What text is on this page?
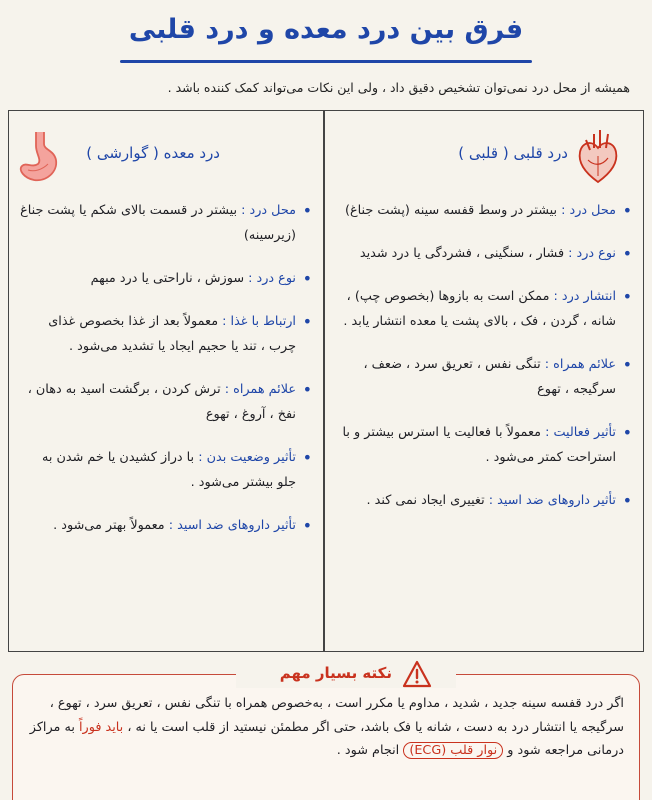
فرق بین درد معده و درد قلبی
همیشه از محل درد نمی‌توان تشخیص دقیق داد ، ولی این نکات می‌تواند کمک کننده باشد .
درد قلبی ( قلبی )
• محل درد : بیشتر در وسط قفسه سینه (پشت جناغ)
• نوع درد : فشار ، سنگینی ، فشردگی یا درد شدید
• انتشار درد : ممکن است به بازوها (بخصوص چپ) ، شانه ، گردن ، فک ، بالای پشت یا معده انتشار یابد .
• علائم همراه : تنگی نفس ، تعریق سرد ، ضعف ، سرگیجه ، تهوع
• تأثیر فعالیت : معمولاً با فعالیت یا استرس بیشتر و با استراحت کمتر می‌شود .
• تأثیر داروهای ضد اسید : تغییری ایجاد نمی کند .
درد معده ( گوارشی )
• محل درد : بیشتر در قسمت بالای شکم یا پشت جناغ (زیرسینه)
• نوع درد : سوزش ، ناراحتی یا درد مبهم
• ارتباط با غذا : معمولاً بعد از غذا بخصوص غذای چرب ، تند یا حجیم ایجاد یا تشدید می‌شود .
• علائم همراه : ترش کردن ، برگشت اسید به دهان ، نفخ ، آروغ ، تهوع
• تأثیر وضعیت بدن : با دراز کشیدن یا خم شدن به جلو بیشتر می‌شود .
• تأثیر داروهای ضد اسید : معمولاً بهتر می‌شود .
نکته بسیار مهم
اگر درد قفسه سینه جدید ، شدید ، مداوم یا مکرر است ، به‌خصوص همراه با تنگی نفس ، تعریق سرد ، تهوع ، سرگیجه یا انتشار درد به دست ، شانه یا فک باشد، حتی اگر مطمئن نیستید از قلب است یا نه ، باید فوراً به مراکز درمانی مراجعه شود و نوار قلب (ECG) انجام شود .
